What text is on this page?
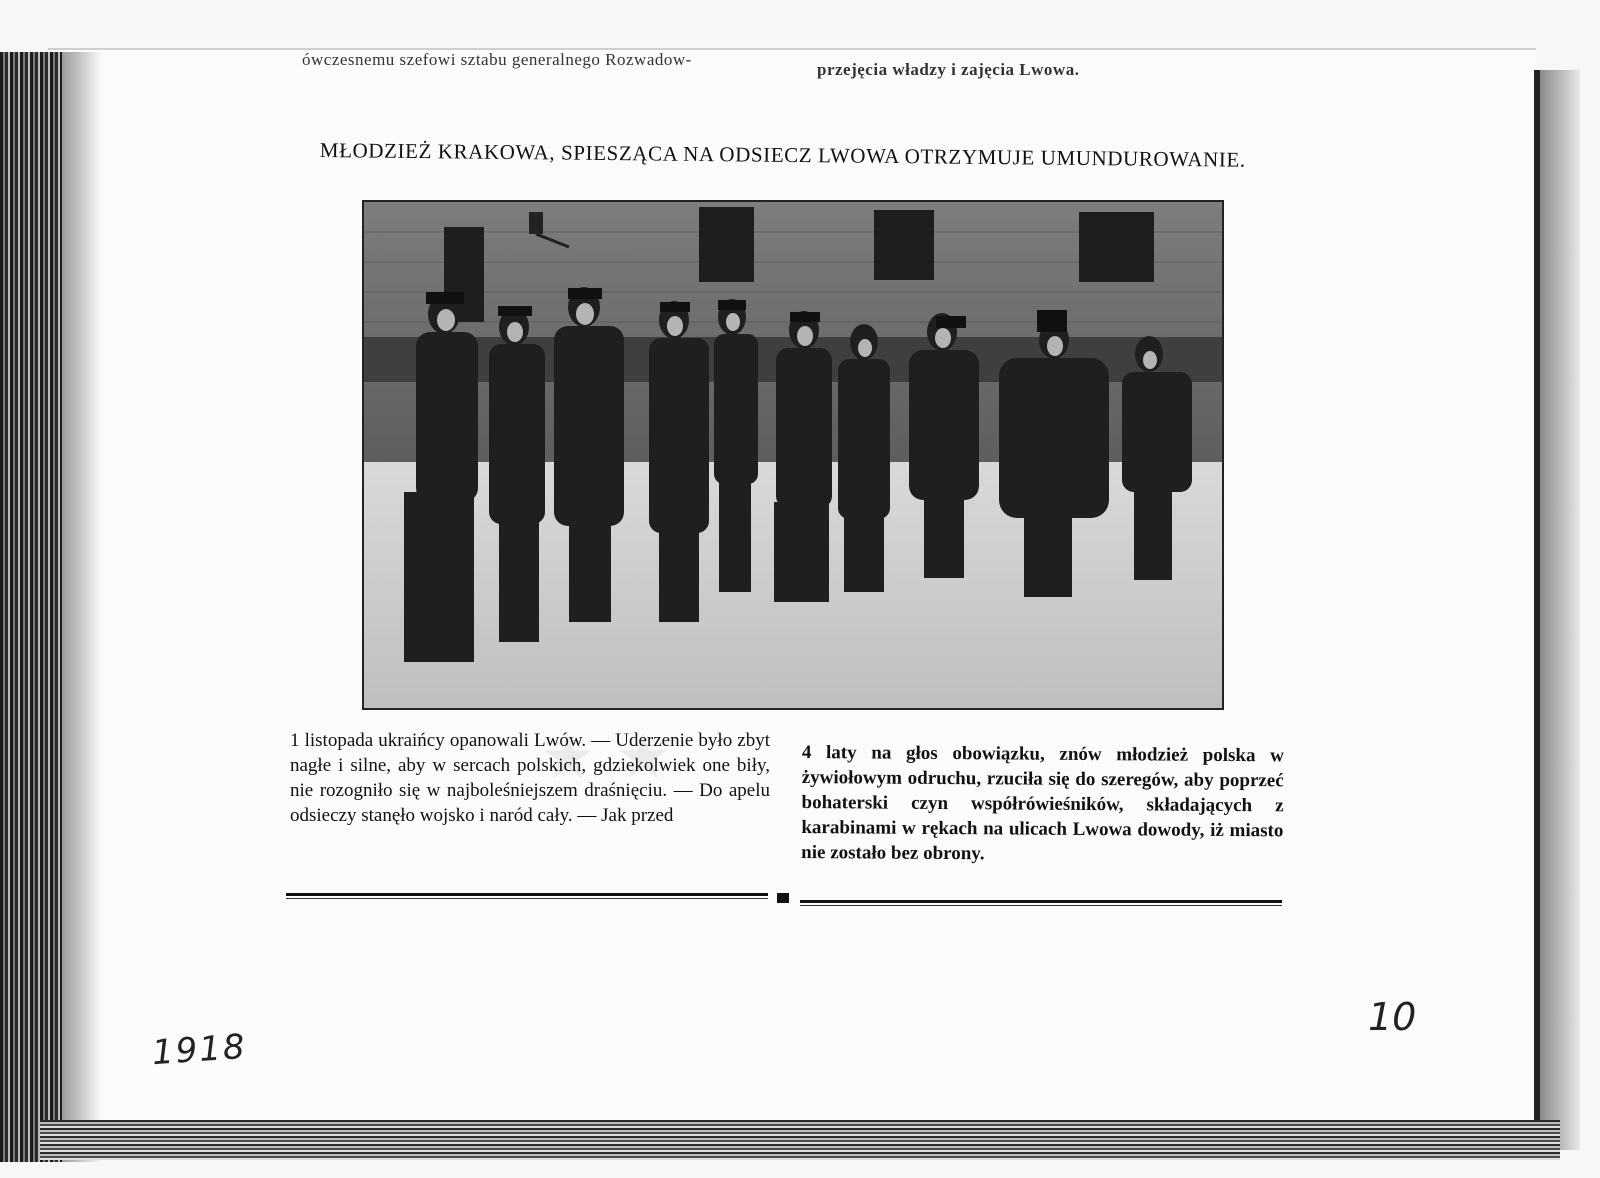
ówczesnemu szefowi sztabu generalnego Rozwadow-
przejęcia władzy i zajęcia Lwowa.
MŁODZIEŻ KRAKOWA, SPIESZĄCA NA ODSIECZ LWOWA OTRZYMUJE UMUNDUROWANIE.
1 listopada ukraińcy opanowali Lwów. — Uderzenie było zbyt nagłe i silne, aby w sercach polskich, gdziekolwiek one biły, nie rozogniło się w najboleśniejszem draśnięciu. — Do apelu odsieczy stanęło wojsko i naród cały. — Jak przed
4 laty na głos obowiązku, znów młodzież polska w żywiołowym odruchu, rzuciła się do szeregów, aby poprzeć bohaterski czyn współrówieśników, składających z karabinami w rękach na ulicach Lwowa dowody, iż miasto nie zostało bez obrony.
1918
10
